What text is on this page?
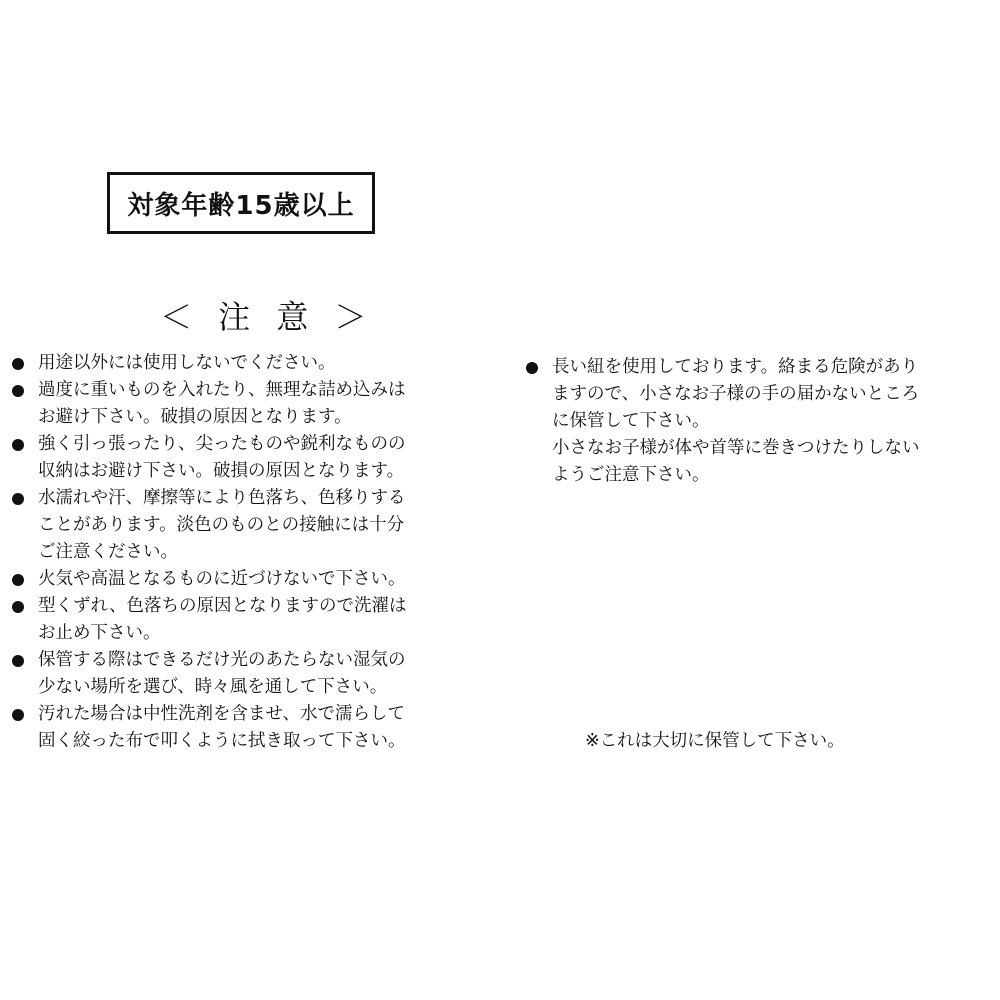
対象年齢15歳以上
＜ 注 意 ＞
用途以外には使用しないでください。
過度に重いものを入れたり、無理な詰め込みは
お避け下さい。破損の原因となります。
強く引っ張ったり、尖ったものや鋭利なものの
収納はお避け下さい。破損の原因となります。
水濡れや汗、摩擦等により色落ち、色移りする
ことがあります。淡色のものとの接触には十分
ご注意ください。
火気や高温となるものに近づけないで下さい。
型くずれ、色落ちの原因となりますので洗濯は
お止め下さい。
保管する際はできるだけ光のあたらない湿気の
少ない場所を選び、時々風を通して下さい。
汚れた場合は中性洗剤を含ませ、水で濡らして
固く絞った布で叩くように拭き取って下さい。
長い紐を使用しております。絡まる危険があり
ますので、小さなお子様の手の届かないところ
に保管して下さい。
小さなお子様が体や首等に巻きつけたりしない
ようご注意下さい。
※これは大切に保管して下さい。
